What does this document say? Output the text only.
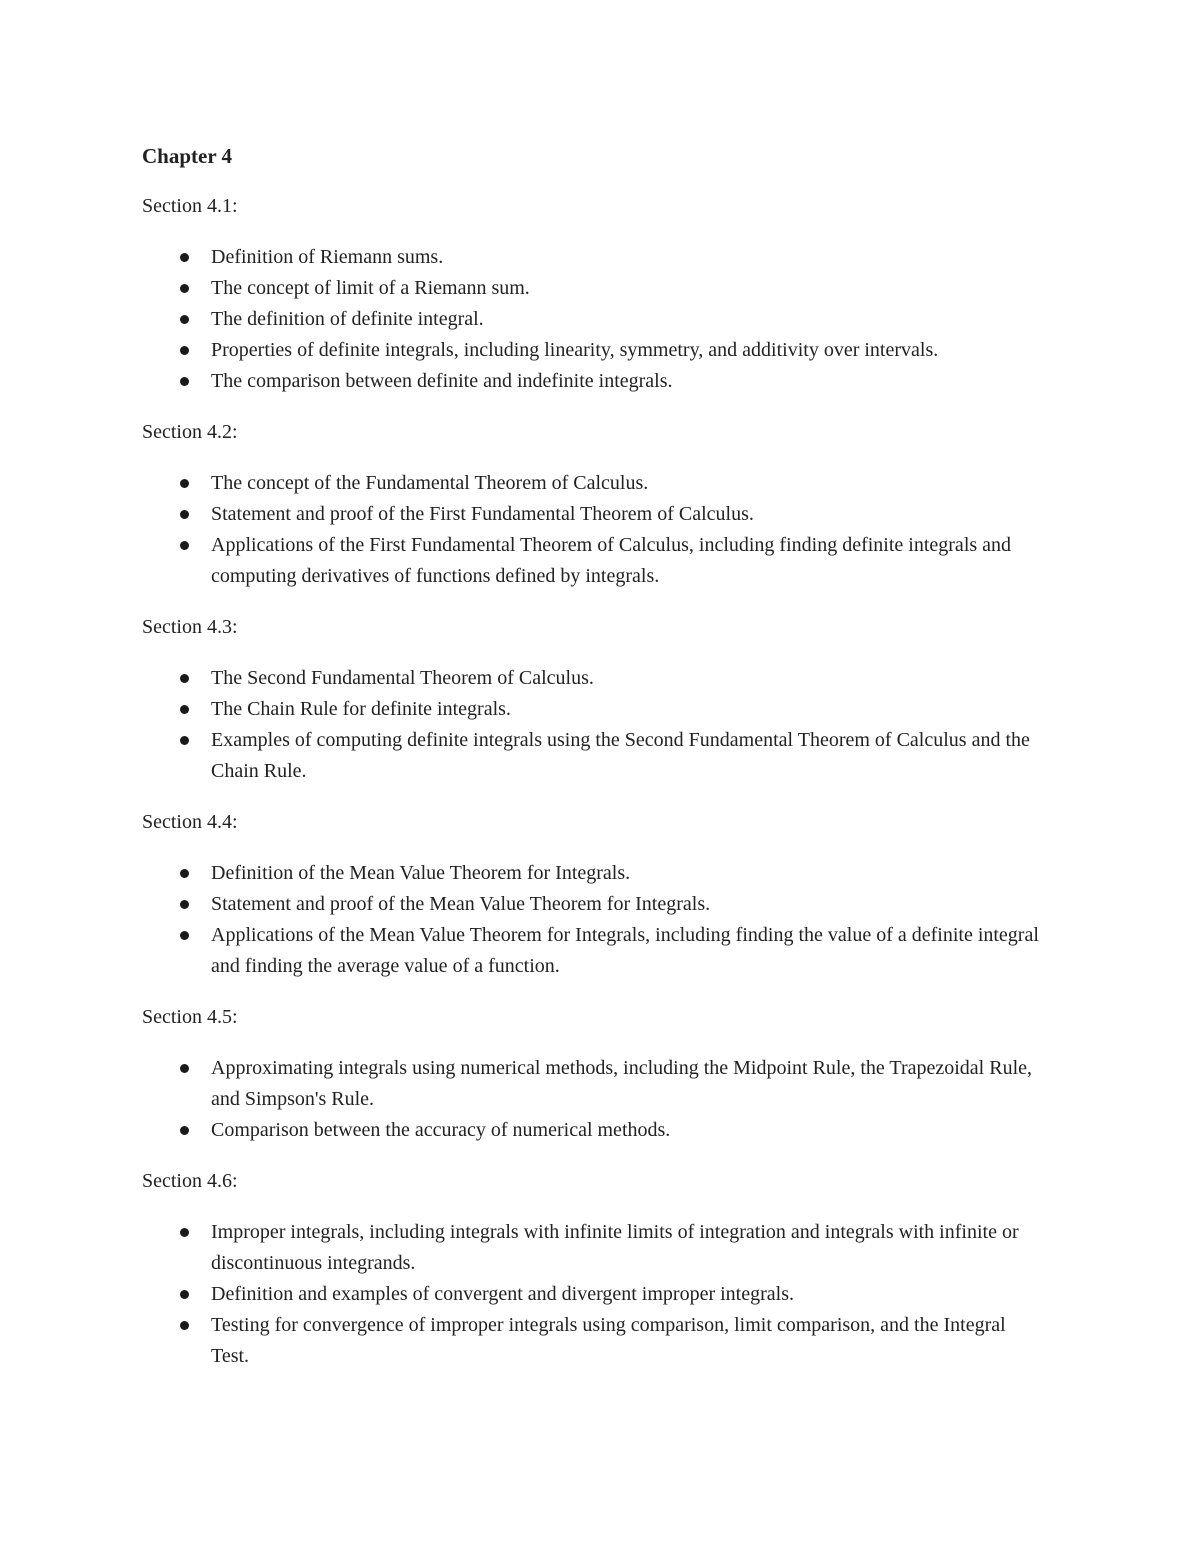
Chapter 4
Section 4.1:
Definition of Riemann sums.
The concept of limit of a Riemann sum.
The definition of definite integral.
Properties of definite integrals, including linearity, symmetry, and additivity over intervals.
The comparison between definite and indefinite integrals.
Section 4.2:
The concept of the Fundamental Theorem of Calculus.
Statement and proof of the First Fundamental Theorem of Calculus.
Applications of the First Fundamental Theorem of Calculus, including finding definite integrals and computing derivatives of functions defined by integrals.
Section 4.3:
The Second Fundamental Theorem of Calculus.
The Chain Rule for definite integrals.
Examples of computing definite integrals using the Second Fundamental Theorem of Calculus and the Chain Rule.
Section 4.4:
Definition of the Mean Value Theorem for Integrals.
Statement and proof of the Mean Value Theorem for Integrals.
Applications of the Mean Value Theorem for Integrals, including finding the value of a definite integral and finding the average value of a function.
Section 4.5:
Approximating integrals using numerical methods, including the Midpoint Rule, the Trapezoidal Rule, and Simpson's Rule.
Comparison between the accuracy of numerical methods.
Section 4.6:
Improper integrals, including integrals with infinite limits of integration and integrals with infinite or discontinuous integrands.
Definition and examples of convergent and divergent improper integrals.
Testing for convergence of improper integrals using comparison, limit comparison, and the Integral Test.
